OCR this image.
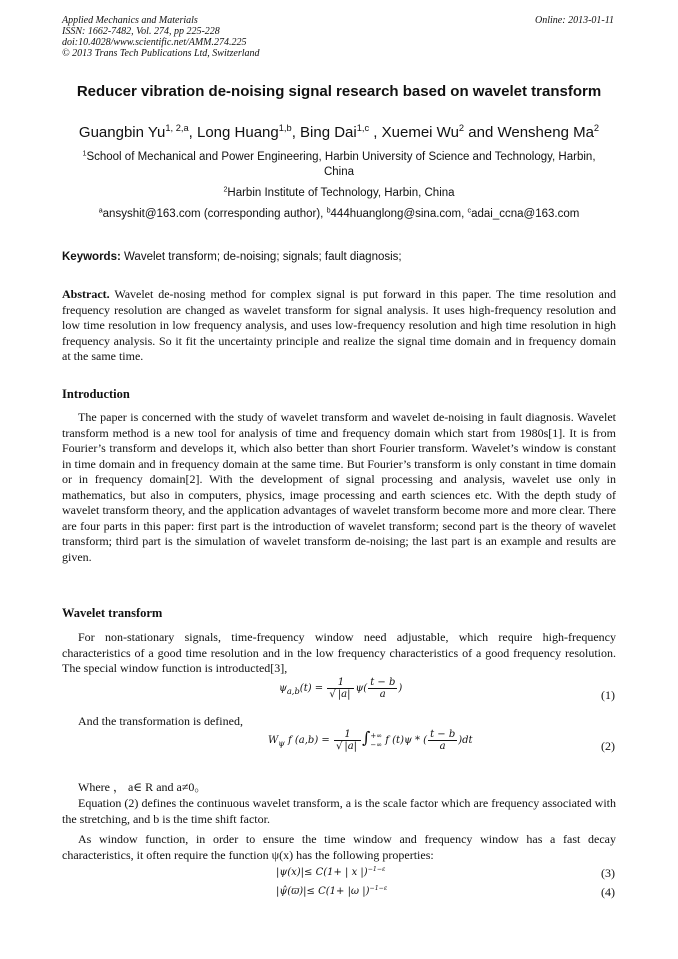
Applied Mechanics and Materials
ISSN: 1662-7482, Vol. 274, pp 225-228
doi:10.4028/www.scientific.net/AMM.274.225
© 2013 Trans Tech Publications Ltd, Switzerland
Online: 2013-01-11
Reducer vibration de-noising signal research based on wavelet transform
Guangbin Yu$^{1, 2,a}$, Long Huang$^{1,b}$, Bing Dai$^{1,c}$ , Xuemei Wu$^2$ and Wensheng Ma$^2$
$^1$School of Mechanical and Power Engineering, Harbin University of Science and Technology, Harbin, China
$^2$Harbin Institute of Technology, Harbin, China
$^a$ansyshit@163.com (corresponding author), $^b$444huanglong@sina.com, $^c$adai_ccna@163.com
Keywords: Wavelet transform; de-noising; signals; fault diagnosis;
Abstract. Wavelet de-nosing method for complex signal is put forward in this paper. The time resolution and frequency resolution are changed as wavelet transform for signal analysis. It uses high-frequency resolution and low time resolution in low frequency analysis, and uses low-frequency resolution and high time resolution in high frequency analysis. So it fit the uncertainty principle and realize the signal time domain and in frequency domain at the same time.
Introduction
The paper is concerned with the study of wavelet transform and wavelet de-noising in fault diagnosis. Wavelet transform method is a new tool for analysis of time and frequency domain which start from 1980s[1]. It is from Fourier’s transform and develops it, which also better than short Fourier transform. Wavelet’s window is constant in time domain and in frequency domain at the same time. But Fourier’s transform is only constant in time domain or in frequency domain[2]. With the development of signal processing and analysis, wavelet use only in mathematics, but also in computers, physics, image processing and earth sciences etc. With the depth study of wavelet transform theory, and the application advantages of wavelet transform become more and more clear. There are four parts in this paper: first part is the introduction of wavelet transform; second part is the theory of wavelet transform; third part is the simulation of wavelet transform de-noising; the last part is an example and results are given.
Wavelet transform
For non-stationary signals, time-frequency window need adjustable, which require high-frequency characteristics of a good time resolution and in the low frequency characteristics of a good frequency resolution. The special window function is introducted[3],
$\psi_{a,b}(t) = \frac{1}{√ |a|} \psi( \frac{t - b}{a}$ )	(1)
And the transformation is defined,
$W_\psi$ f $(a,b) = \frac{1}{√ |a|}$ ∫ +∞
−∞ f (t)ψ * ( $\frac{t - b}{a} )dt$	(2)
Where ， a∈ R and a≠0。
Equation (2) defines the continuous wavelet transform, a is the scale factor which are frequency associated with the stretching, and b is the time shift factor.
As window function, in order to ensure the time window and frequency window has a fast decay characteristics, it often require the function ψ(x) has the following properties:
|ψ(x)|≤ C(1+ | x |)$^{-1-\varepsilon}$	(3)
|ψ̂(ϖ)|≤ C(1+ |ω |)$^{-1-\varepsilon}$	(4)
